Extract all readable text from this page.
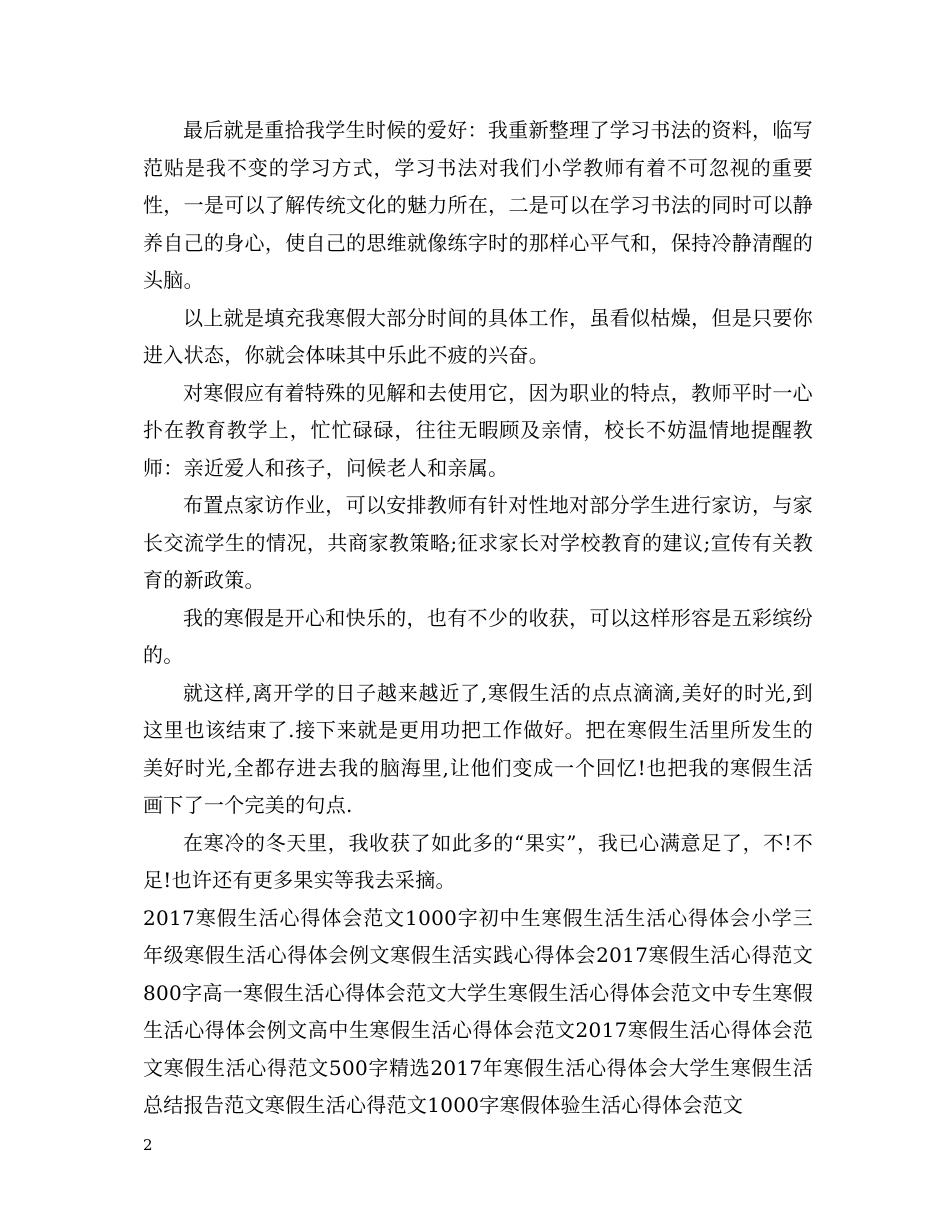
最后就是重拾我学生时候的爱好：我重新整理了学习书法的资料，临写范贴是我不变的学习方式，学习书法对我们小学教师有着不可忽视的重要性，一是可以了解传统文化的魅力所在，二是可以在学习书法的同时可以静养自己的身心，使自己的思维就像练字时的那样心平气和，保持冷静清醒的头脑。

以上就是填充我寒假大部分时间的具体工作，虽看似枯燥，但是只要你进入状态，你就会体味其中乐此不疲的兴奋。

对寒假应有着特殊的见解和去使用它，因为职业的特点，教师平时一心扑在教育教学上，忙忙碌碌，往往无暇顾及亲情，校长不妨温情地提醒教师：亲近爱人和孩子，问候老人和亲属。

布置点家访作业，可以安排教师有针对性地对部分学生进行家访，与家长交流学生的情况，共商家教策略;征求家长对学校教育的建议;宣传有关教育的新政策。

我的寒假是开心和快乐的，也有不少的收获，可以这样形容是五彩缤纷的。

就这样,离开学的日子越来越近了,寒假生活的点点滴滴,美好的时光,到这里也该结束了.接下来就是更用功把工作做好。把在寒假生活里所发生的美好时光,全都存进去我的脑海里,让他们变成一个回忆!也把我的寒假生活画下了一个完美的句点.

在寒冷的冬天里，我收获了如此多的“果实”，我已心满意足了，不!不足!也许还有更多果实等我去采摘。

2017寒假生活心得体会范文1000字初中生寒假生活生活心得体会小学三年级寒假生活心得体会例文寒假生活实践心得体会2017寒假生活心得范文800字高一寒假生活心得体会范文大学生寒假生活心得体会范文中专生寒假生活心得体会例文高中生寒假生活心得体会范文2017寒假生活心得体会范文寒假生活心得范文500字精选2017年寒假生活心得体会大学生寒假生活总结报告范文寒假生活心得范文1000字寒假体验生活心得体会范文

2
